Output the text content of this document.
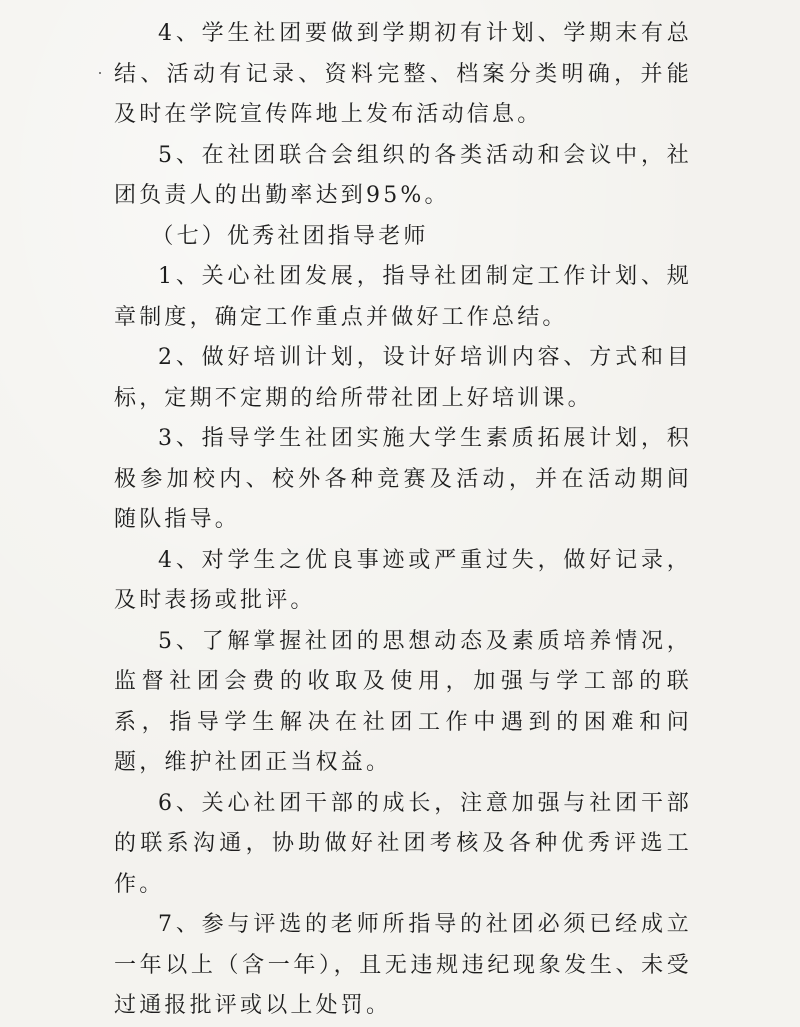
4、学生社团要做到学期初有计划、学期末有总结、活动有记录、资料完整、档案分类明确，并能及时在学院宣传阵地上发布活动信息。

5、在社团联合会组织的各类活动和会议中，社团负责人的出勤率达到95%。

（七）优秀社团指导老师

1、关心社团发展，指导社团制定工作计划、规章制度，确定工作重点并做好工作总结。

2、做好培训计划，设计好培训内容、方式和目标，定期不定期的给所带社团上好培训课。

3、指导学生社团实施大学生素质拓展计划，积极参加校内、校外各种竞赛及活动，并在活动期间随队指导。

4、对学生之优良事迹或严重过失，做好记录，及时表扬或批评。

5、了解掌握社团的思想动态及素质培养情况，监督社团会费的收取及使用，加强与学工部的联系，指导学生解决在社团工作中遇到的困难和问题，维护社团正当权益。

6、关心社团干部的成长，注意加强与社团干部的联系沟通，协助做好社团考核及各种优秀评选工作。

7、参与评选的老师所指导的社团必须已经成立一年以上（含一年），且无违规违纪现象发生、未受过通报批评或以上处罚。
